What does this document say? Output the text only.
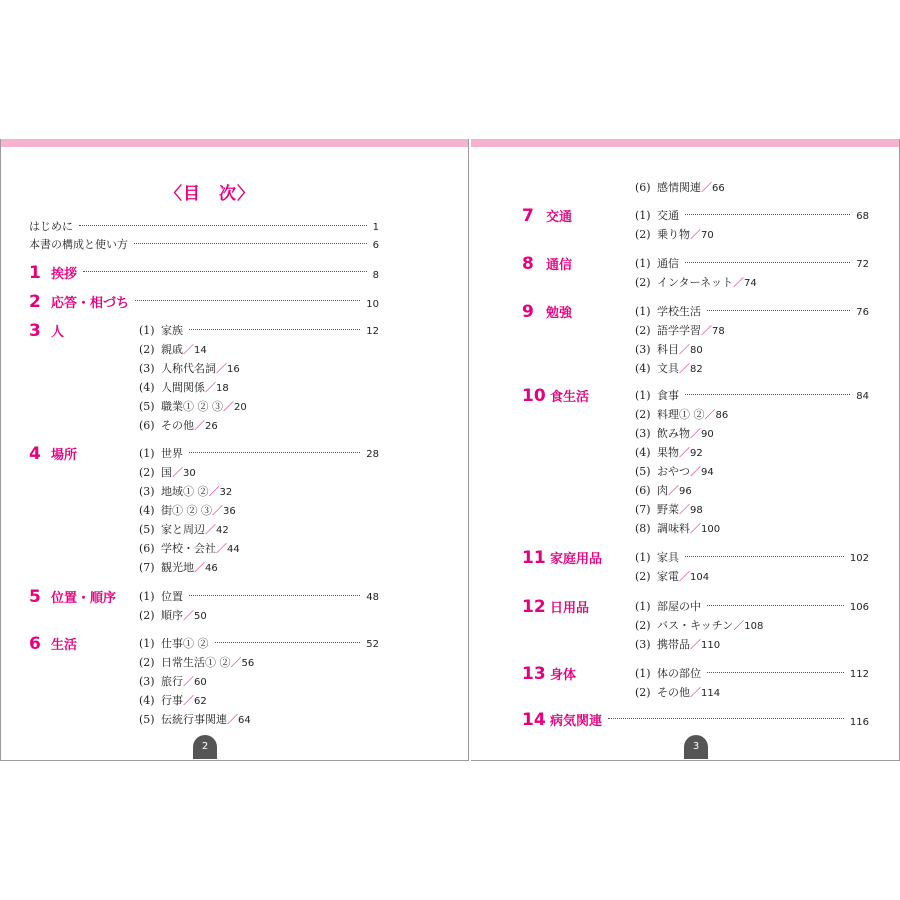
〈目　次〉
はじめに	1
本書の構成と使い方	6
1 挨拶	8
2 応答・相づち	10
3 人	(1) 家族	12
(2) 親戚／14
(3) 人称代名詞／16
(4) 人間関係／18
(5) 職業① ② ③／20
(6) その他／26
4 場所	(1) 世界	28
(2) 国／30
(3) 地域① ②／32
(4) 街① ② ③／36
(5) 家と周辺／42
(6) 学校・会社／44
(7) 観光地／46
5 位置・順序 (1) 位置	48
(2) 順序／50
6 生活	(1) 仕事① ②	52
(2) 日常生活① ②／56
(3) 旅行／60
(4) 行事／62
(5) 伝統行事関連／64
2
(6) 感情関連／66
7 交通	(1) 交通	68
(2) 乗り物／70
8 通信	(1) 通信	72
(2) インターネット／74
9 勉強	(1) 学校生活	76
(2) 語学学習／78
(3) 科目／80
(4) 文具／82
10 食生活	(1) 食事	84
(2) 料理① ②／86
(3) 飲み物／90
(4) 果物／92
(5) おやつ／94
(6) 肉／96
(7) 野菜／98
(8) 調味料／100
11 家庭用品	(1) 家具	102
(2) 家電／104
12 日用品	(1) 部屋の中	106
(2) バス・キッチン／108
(3) 携帯品／110
13 身体	(1) 体の部位	112
(2) その他／114
14 病気関連	116
3
